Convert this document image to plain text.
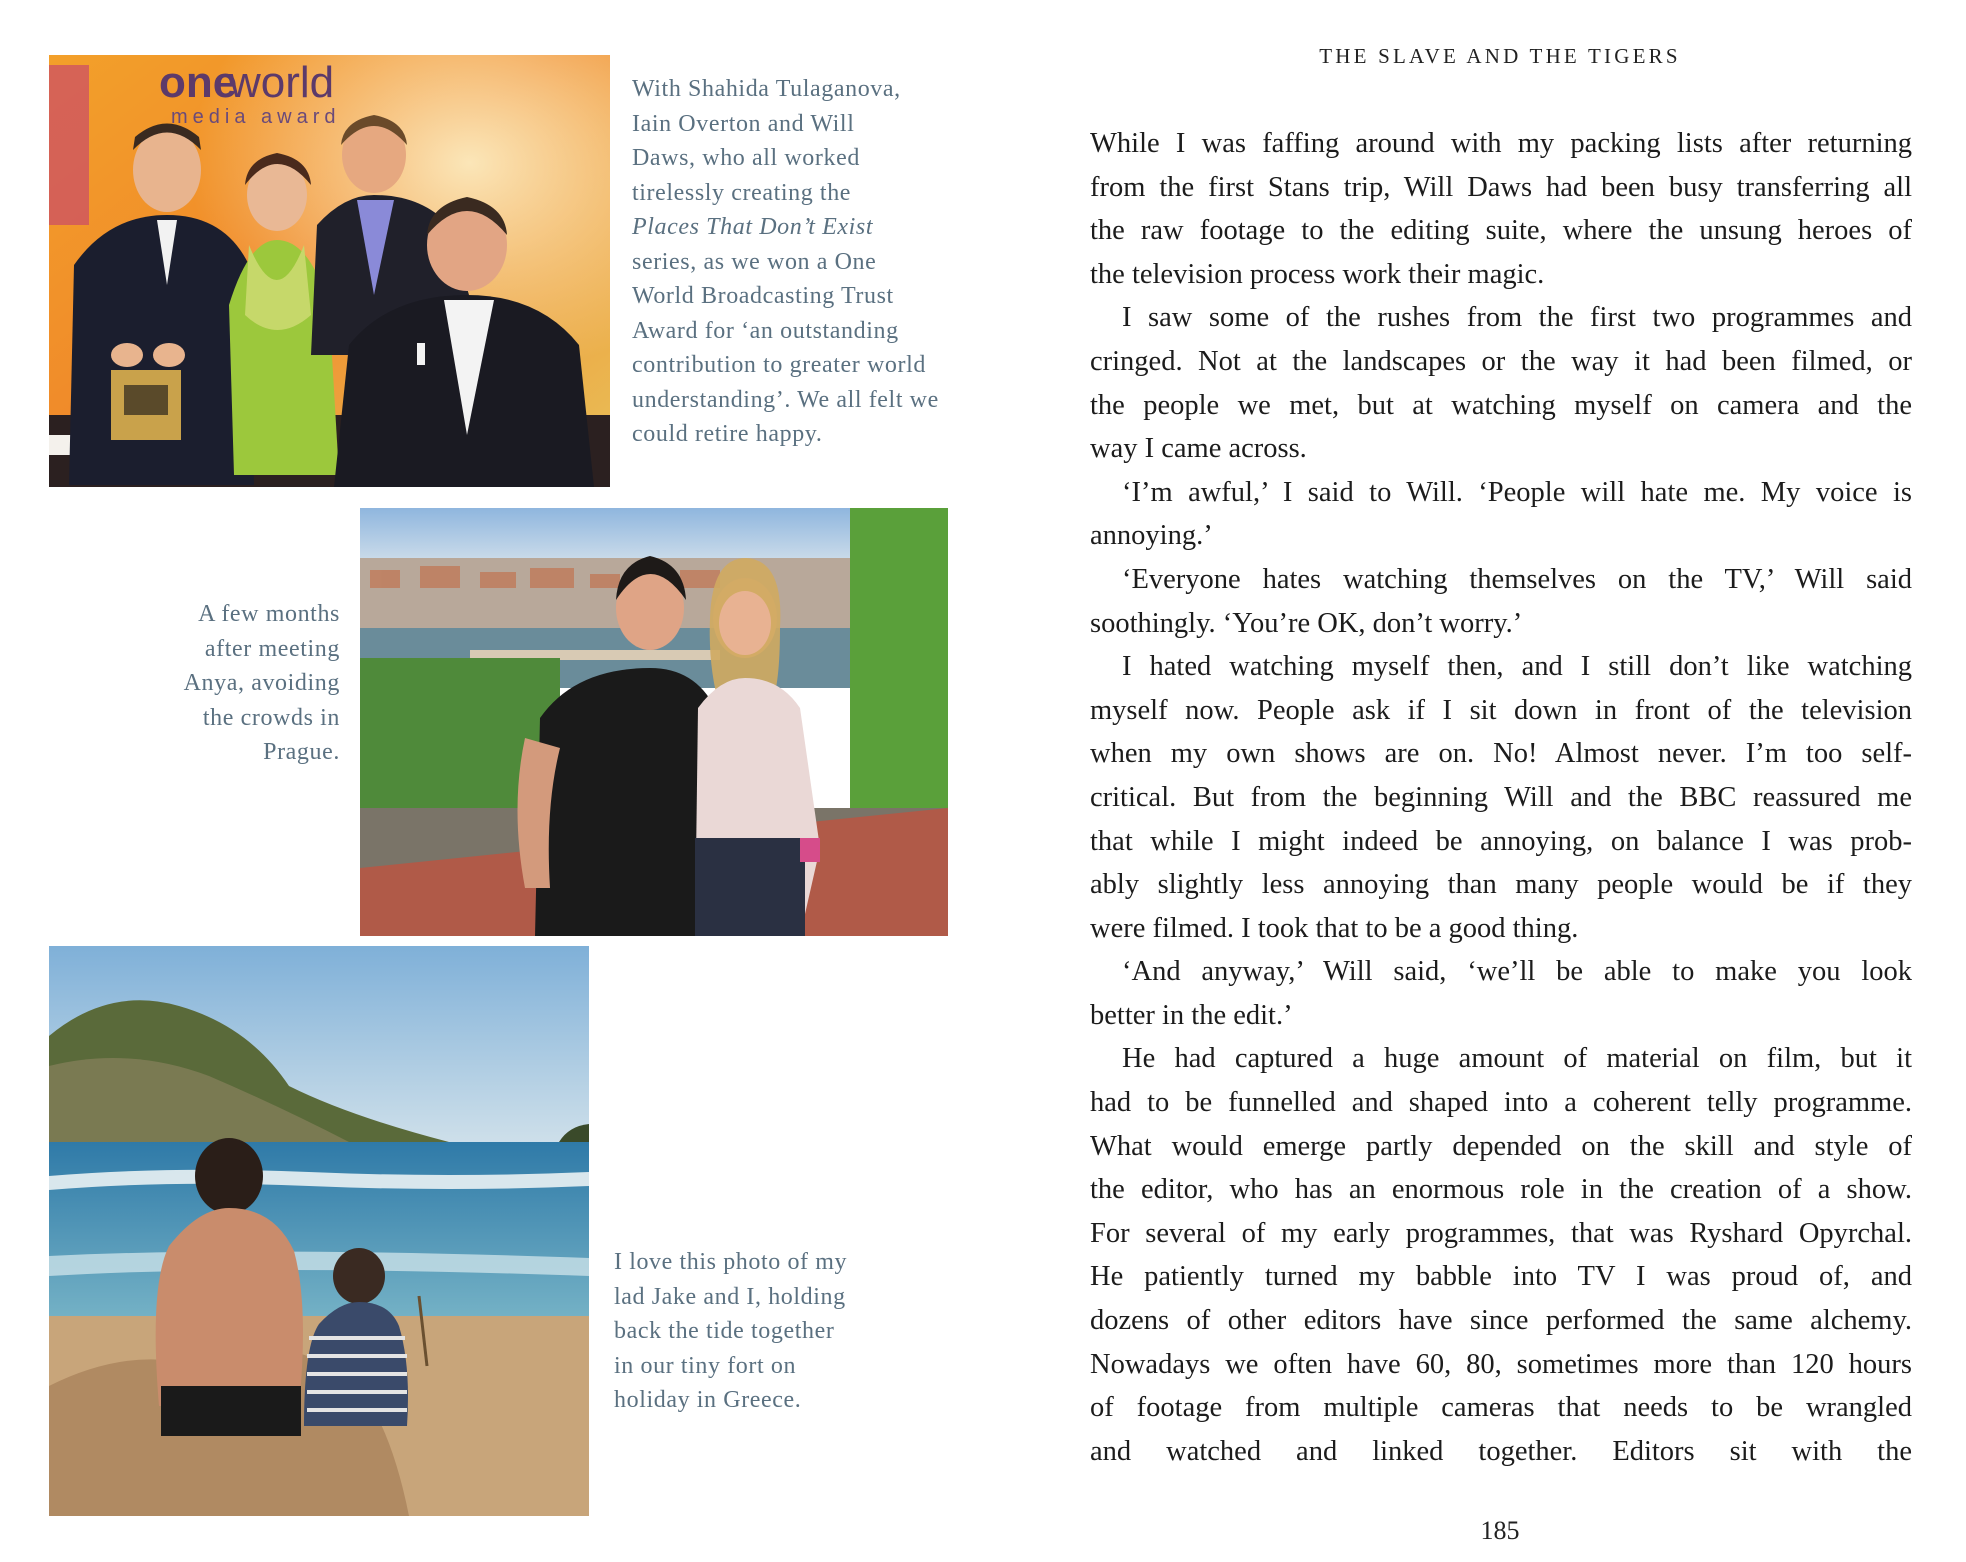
one
world
media award

With Shahida Tulaganova,
Iain Overton and Will
Daws, who all worked
tirelessly creating the
Places That Don’t Exist
series, as we won a One
World Broadcasting Trust
Award for ‘an outstanding
contribution to greater world
understanding’. We all felt we
could retire happy.

A few months
after meeting
Anya, avoiding
the crowds in
Prague.

I love this photo of my
lad Jake and I, holding
back the tide together
in our tiny fort on
holiday in Greece.

THE SLAVE AND THE TIGERS

While I was faffing around with my packing lists after returning
from the first Stans trip, Will Daws had been busy transferring all
the raw footage to the editing suite, where the unsung heroes of
the television process work their magic.
I saw some of the rushes from the first two programmes and
cringed. Not at the landscapes or the way it had been filmed, or
the people we met, but at watching myself on camera and the
way I came across.
‘I’m awful,’ I said to Will. ‘People will hate me. My voice is
annoying.’
‘Everyone hates watching themselves on the TV,’ Will said
soothingly. ‘You’re OK, don’t worry.’
I hated watching myself then, and I still don’t like watching
myself now. People ask if I sit down in front of the television
when my own shows are on. No! Almost never. I’m too self-
critical. But from the beginning Will and the BBC reassured me
that while I might indeed be annoying, on balance I was prob-
ably slightly less annoying than many people would be if they
were filmed. I took that to be a good thing.
‘And anyway,’ Will said, ‘we’ll be able to make you look
better in the edit.’
He had captured a huge amount of material on film, but it
had to be funnelled and shaped into a coherent telly programme.
What would emerge partly depended on the skill and style of
the editor, who has an enormous role in the creation of a show.
For several of my early programmes, that was Ryshard Opyrchal.
He patiently turned my babble into TV I was proud of, and
dozens of other editors have since performed the same alchemy.
Nowadays we often have 60, 80, sometimes more than 120 hours
of footage from multiple cameras that needs to be wrangled
and watched and linked together. Editors sit with the

185
